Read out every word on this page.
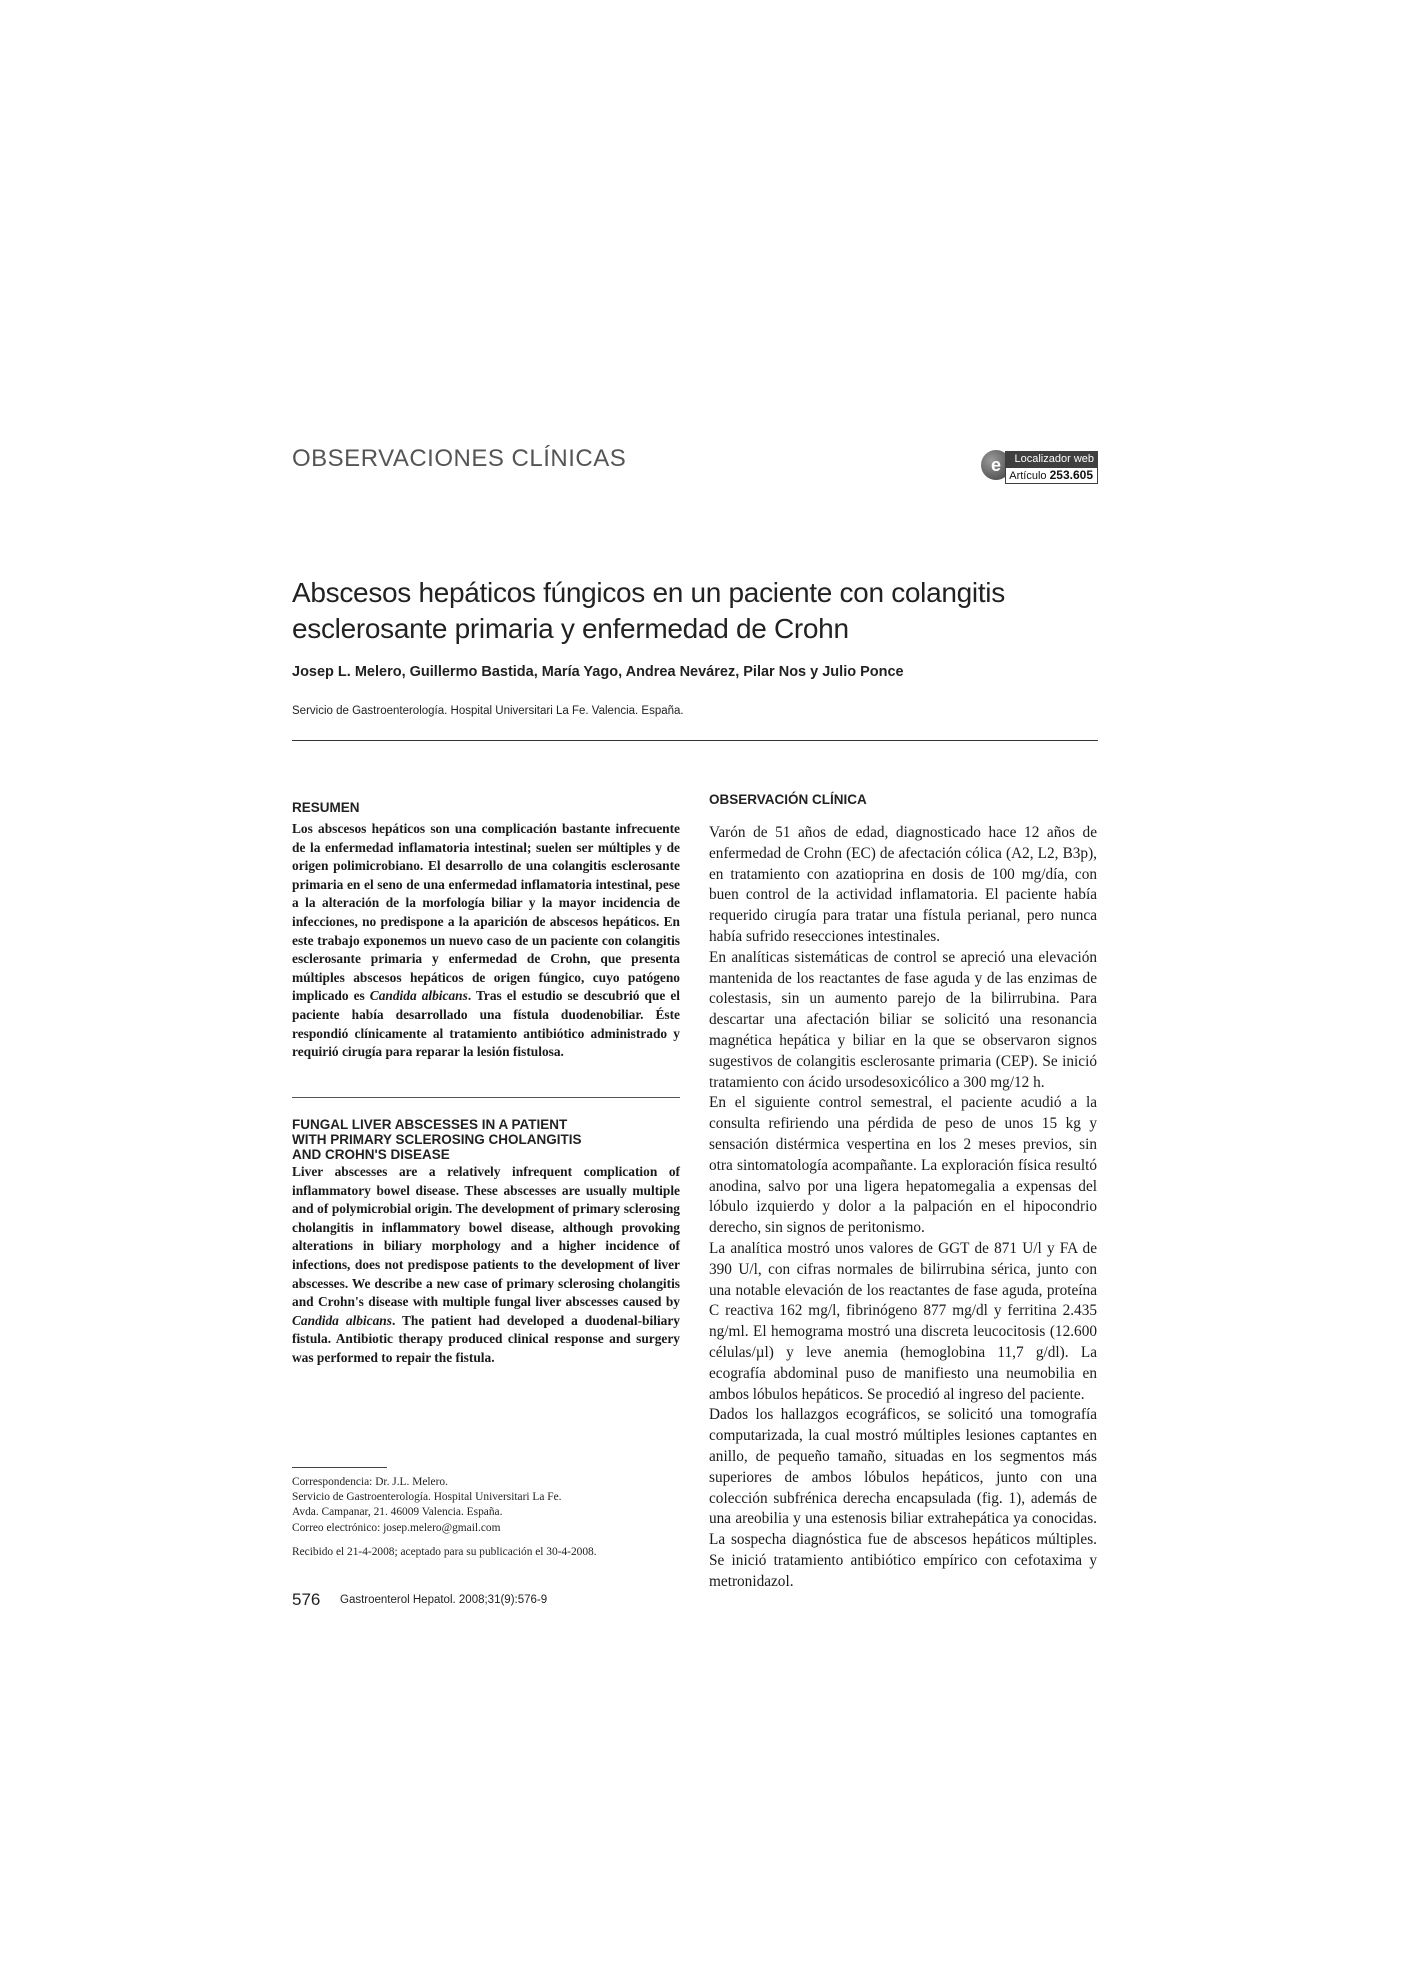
OBSERVACIONES CLÍNICAS	e	Localizador web
Artículo 253.605
Abscesos hepáticos fúngicos en un paciente con colangitis esclerosante primaria y enfermedad de Crohn
Josep L. Melero, Guillermo Bastida, María Yago, Andrea Nevárez, Pilar Nos y Julio Ponce
Servicio de Gastroenterología. Hospital Universitari La Fe. Valencia. España.
RESUMEN

Los abscesos hepáticos son una complicación bastante infrecuente de la enfermedad inflamatoria intestinal; suelen ser múltiples y de origen polimicrobiano. El desarrollo de una colangitis esclerosante primaria en el seno de una enfermedad inflamatoria intestinal, pese a la alteración de la morfología biliar y la mayor incidencia de infecciones, no predispone a la aparición de abscesos hepáticos. En este trabajo exponemos un nuevo caso de un paciente con colangitis esclerosante primaria y enfermedad de Crohn, que presenta múltiples abscesos hepáticos de origen fúngico, cuyo patógeno implicado es Candida albicans. Tras el estudio se descubrió que el paciente había desarrollado una fístula duodenobiliar. Éste respondió clínicamente al tratamiento antibiótico administrado y requirió cirugía para reparar la lesión fistulosa.

FUNGAL LIVER ABSCESSES IN A PATIENT
WITH PRIMARY SCLEROSING CHOLANGITIS
AND CROHN'S DISEASE

Liver abscesses are a relatively infrequent complication of inflammatory bowel disease. These abscesses are usually multiple and of polymicrobial origin. The development of primary sclerosing cholangitis in inflammatory bowel disease, although provoking alterations in biliary morphology and a higher incidence of infections, does not predispose patients to the development of liver abscesses. We describe a new case of primary sclerosing cholangitis and Crohn's disease with multiple fungal liver abscesses caused by Candida albicans. The patient had developed a duodenal-biliary fistula. Antibiotic therapy produced clinical response and surgery was performed to repair the fistula.

Correspondencia: Dr. J.L. Melero.
Servicio de Gastroenterología. Hospital Universitari La Fe.
Avda. Campanar, 21. 46009 Valencia. España.
Correo electrónico: josep.melero@gmail.com
Recibido el 21-4-2008; aceptado para su publicación el 30-4-2008.
OBSERVACIÓN CLÍNICA

Varón de 51 años de edad, diagnosticado hace 12 años de enfermedad de Crohn (EC) de afectación cólica (A2, L2, B3p), en tratamiento con azatioprina en dosis de 100 mg/día, con buen control de la actividad inflamatoria. El paciente había requerido cirugía para tratar una fístula perianal, pero nunca había sufrido resecciones intestinales.

En analíticas sistemáticas de control se apreció una elevación mantenida de los reactantes de fase aguda y de las enzimas de colestasis, sin un aumento parejo de la bilirrubina. Para descartar una afectación biliar se solicitó una resonancia magnética hepática y biliar en la que se observaron signos sugestivos de colangitis esclerosante primaria (CEP). Se inició tratamiento con ácido ursodesoxicólico a 300 mg/12 h.

En el siguiente control semestral, el paciente acudió a la consulta refiriendo una pérdida de peso de unos 15 kg y sensación distérmica vespertina en los 2 meses previos, sin otra sintomatología acompañante. La exploración física resultó anodina, salvo por una ligera hepatomegalia a expensas del lóbulo izquierdo y dolor a la palpación en el hipocondrio derecho, sin signos de peritonismo.

La analítica mostró unos valores de GGT de 871 U/l y FA de 390 U/l, con cifras normales de bilirrubina sérica, junto con una notable elevación de los reactantes de fase aguda, proteína C reactiva 162 mg/l, fibrinógeno 877 mg/dl y ferritina 2.435 ng/ml. El hemograma mostró una discreta leucocitosis (12.600 células/µl) y leve anemia (hemoglobina 11,7 g/dl). La ecografía abdominal puso de manifiesto una neumobilia en ambos lóbulos hepáticos. Se procedió al ingreso del paciente.

Dados los hallazgos ecográficos, se solicitó una tomografía computarizada, la cual mostró múltiples lesiones captantes en anillo, de pequeño tamaño, situadas en los segmentos más superiores de ambos lóbulos hepáticos, junto con una colección subfrénica derecha encapsulada (fig. 1), además de una areobilia y una estenosis biliar extrahepática ya conocidas. La sospecha diagnóstica fue de abscesos hepáticos múltiples. Se inició tratamiento antibiótico empírico con cefotaxima y metronidazol.

576 Gastroenterol Hepatol. 2008;31(9):576-9
